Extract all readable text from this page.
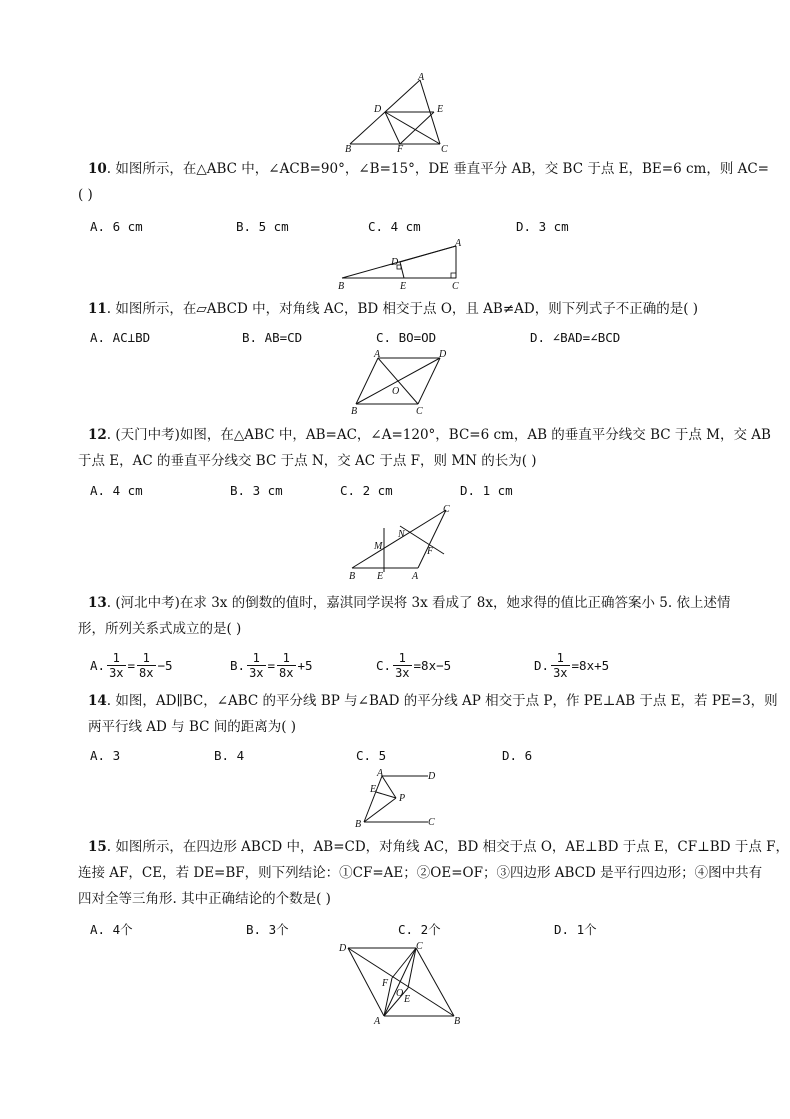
A
D	E
B	F	C
10. 如图所示，在△ABC 中，∠ACB=90°，∠B=15°，DE 垂直平分 AB，交 BC 于点 E，BE=6 cm，则 AC=
( )
A. 6 cm	B. 5 cm	C. 4 cm	D. 3 cm
A
D
B	E	C
11. 如图所示，在▱ABCD 中，对角线 AC，BD 相交于点 O，且 AB≠AD，则下列式子不正确的是( )
A. AC⊥BD	B. AB=CD	C. BO=OD	D. ∠BAD=∠BCD
A	D
O
B	C
12. (天门中考)如图，在△ABC 中，AB=AC，∠A=120°，BC=6 cm，AB 的垂直平分线交 BC 于点 M，交 AB
于点 E，AC 的垂直平分线交 BC 于点 N，交 AC 于点 F，则 MN 的长为( )
A. 4 cm	B. 3 cm	C. 2 cm	D. 1 cm
C
N
M	F
B E	A
13. (河北中考)在求 3x 的倒数的值时，嘉淇同学误将 3x 看成了 8x，她求得的值比正确答案小 5. 依上述情
形，所列关系式成立的是( )
A. $\frac{1}{3x} = \frac{1}{8x} -5$	B. $\frac{1}{3x} = \frac{1}{8x} +5$	C. $\frac{1}{3x} =8x-5$	D. $\frac{1}{3x} =8x+5$
14. 如图，AD∥BC，∠ABC 的平分线 BP 与∠BAD 的平分线 AP 相交于点 P，作 PE⊥AB 于点 E，若 PE=3，则
两平行线 AD 与 BC 间的距离为( )
A. 3	B. 4	C. 5	D. 6
A	D
E
P
B	C
15. 如图所示，在四边形 ABCD 中，AB=CD，对角线 AC，BD 相交于点 O，AE⊥BD 于点 E，CF⊥BD 于点 F，
连接 AF，CE，若 DE=BF，则下列结论：①CF=AE；②OE=OF；③四边形 ABCD 是平行四边形；④图中共有
四对全等三角形. 其中正确结论的个数是( )
A. 4个	B. 3个	C. 2个	D. 1个
D	C
F
O
E
A	B
